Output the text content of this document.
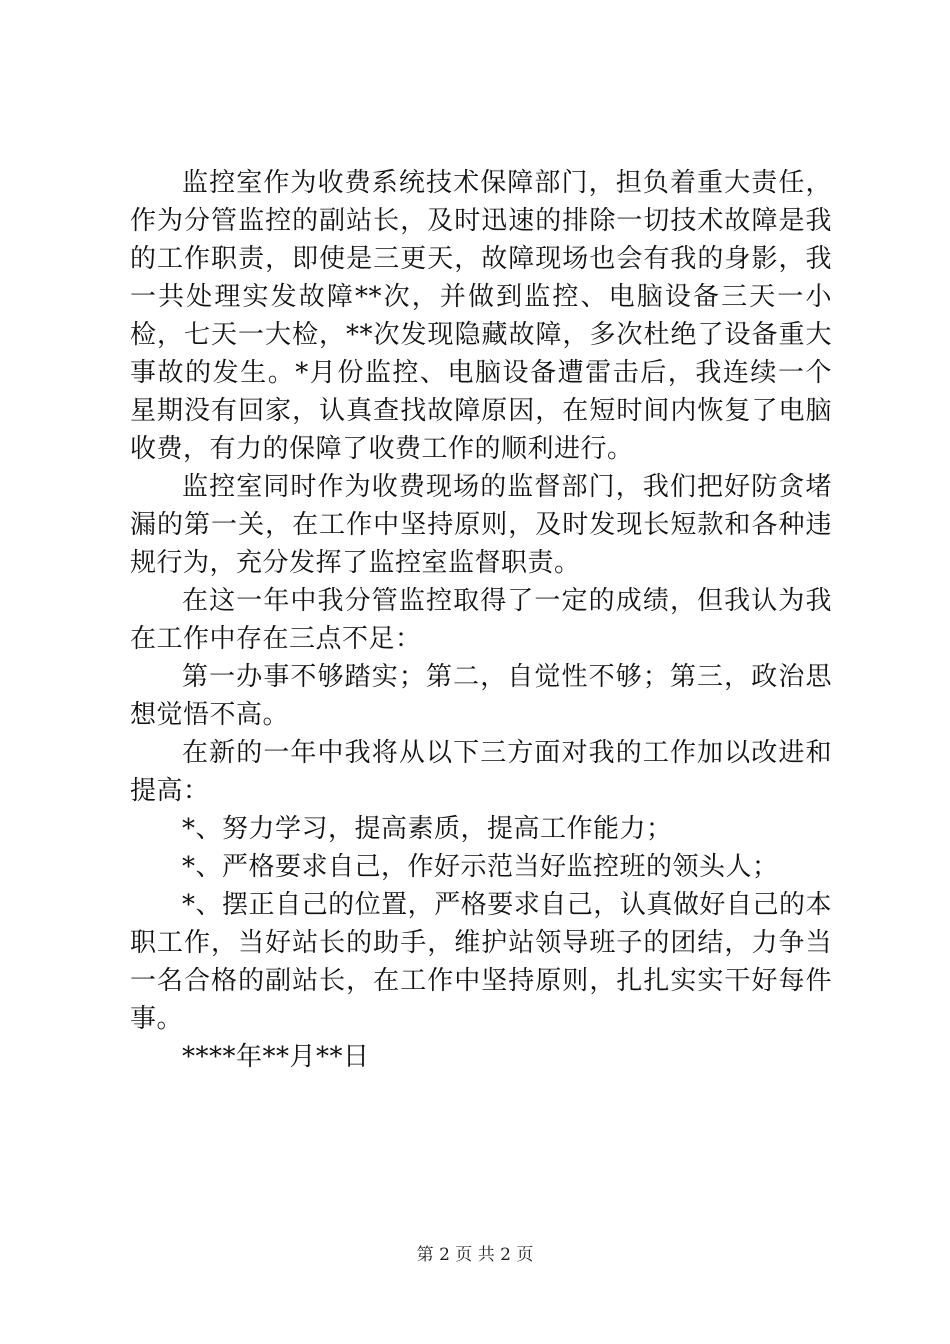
监控室作为收费系统技术保障部门，担负着重大责任，作为分管监控的副站长，及时迅速的排除一切技术故障是我的工作职责，即使是三更天，故障现场也会有我的身影，我一共处理实发故障**次，并做到监控、电脑设备三天一小检，七天一大检，**次发现隐藏故障，多次杜绝了设备重大事故的发生。*月份监控、电脑设备遭雷击后，我连续一个星期没有回家，认真查找故障原因，在短时间内恢复了电脑收费，有力的保障了收费工作的顺利进行。

监控室同时作为收费现场的监督部门，我们把好防贪堵漏的第一关，在工作中坚持原则，及时发现长短款和各种违规行为，充分发挥了监控室监督职责。

在这一年中我分管监控取得了一定的成绩，但我认为我在工作中存在三点不足：

第一办事不够踏实；第二，自觉性不够；第三，政治思想觉悟不高。

在新的一年中我将从以下三方面对我的工作加以改进和提高：

*、努力学习，提高素质，提高工作能力；

*、严格要求自己，作好示范当好监控班的领头人；

*、摆正自己的位置，严格要求自己，认真做好自己的本职工作，当好站长的助手，维护站领导班子的团结，力争当一名合格的副站长，在工作中坚持原则，扎扎实实干好每件事。

****年**月**日

第 2 页 共 2 页
